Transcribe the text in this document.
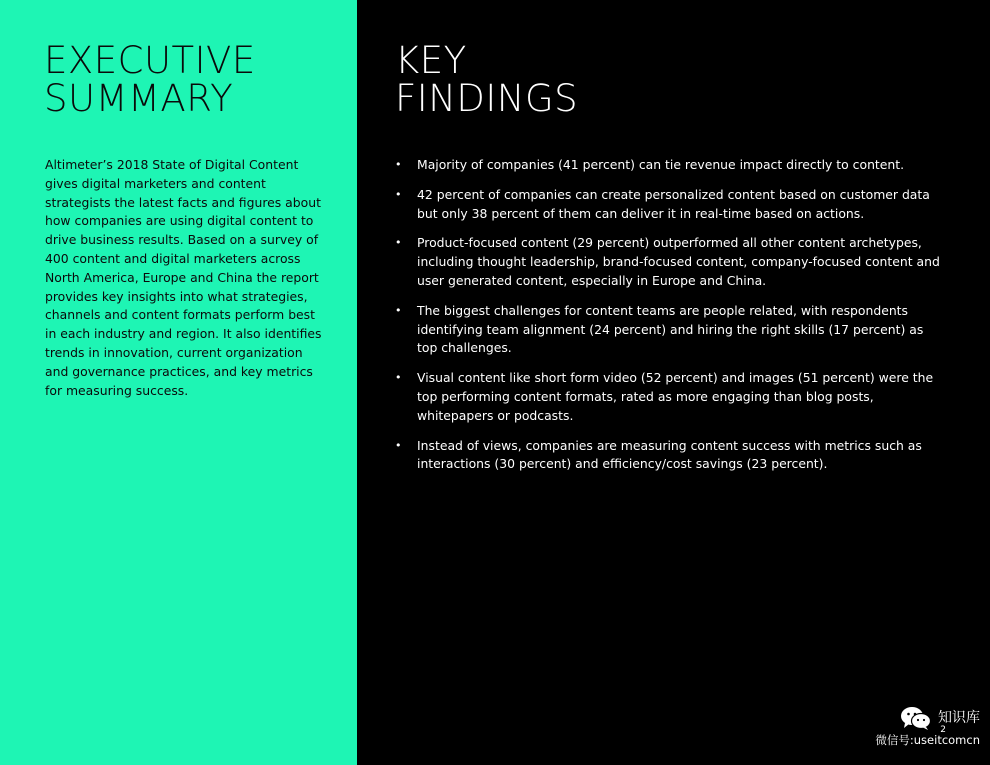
EXECUTIVE
SUMMARY

Altimeter’s 2018 State of Digital Content gives digital marketers and content strategists the latest facts and figures about how companies are using digital content to drive business results. Based on a survey of 400 content and digital marketers across North America, Europe and China the report provides key insights into what strategies, channels and content formats perform best in each industry and region. It also identifies trends in innovation, current organization and governance practices, and key metrics for measuring success.

KEY
FINDINGS
• Majority of companies (41 percent) can tie revenue impact directly to content.
• 42 percent of companies can create personalized content based on customer data but only 38 percent of them can deliver it in real-time based on actions.
• Product-focused content (29 percent) outperformed all other content archetypes, including thought leadership, brand-focused content, company-focused content and user generated content, especially in Europe and China.
• The biggest challenges for content teams are people related, with respondents identifying team alignment (24 percent) and hiring the right skills (17 percent) as top challenges.
• Visual content like short form video (52 percent) and images (51 percent) were the top performing content formats, rated as more engaging than blog posts, whitepapers or podcasts.
• Instead of views, companies are measuring content success with metrics such as interactions (30 percent) and efficiency/cost savings (23 percent).
2
知识库
微信号:useitcomcn
